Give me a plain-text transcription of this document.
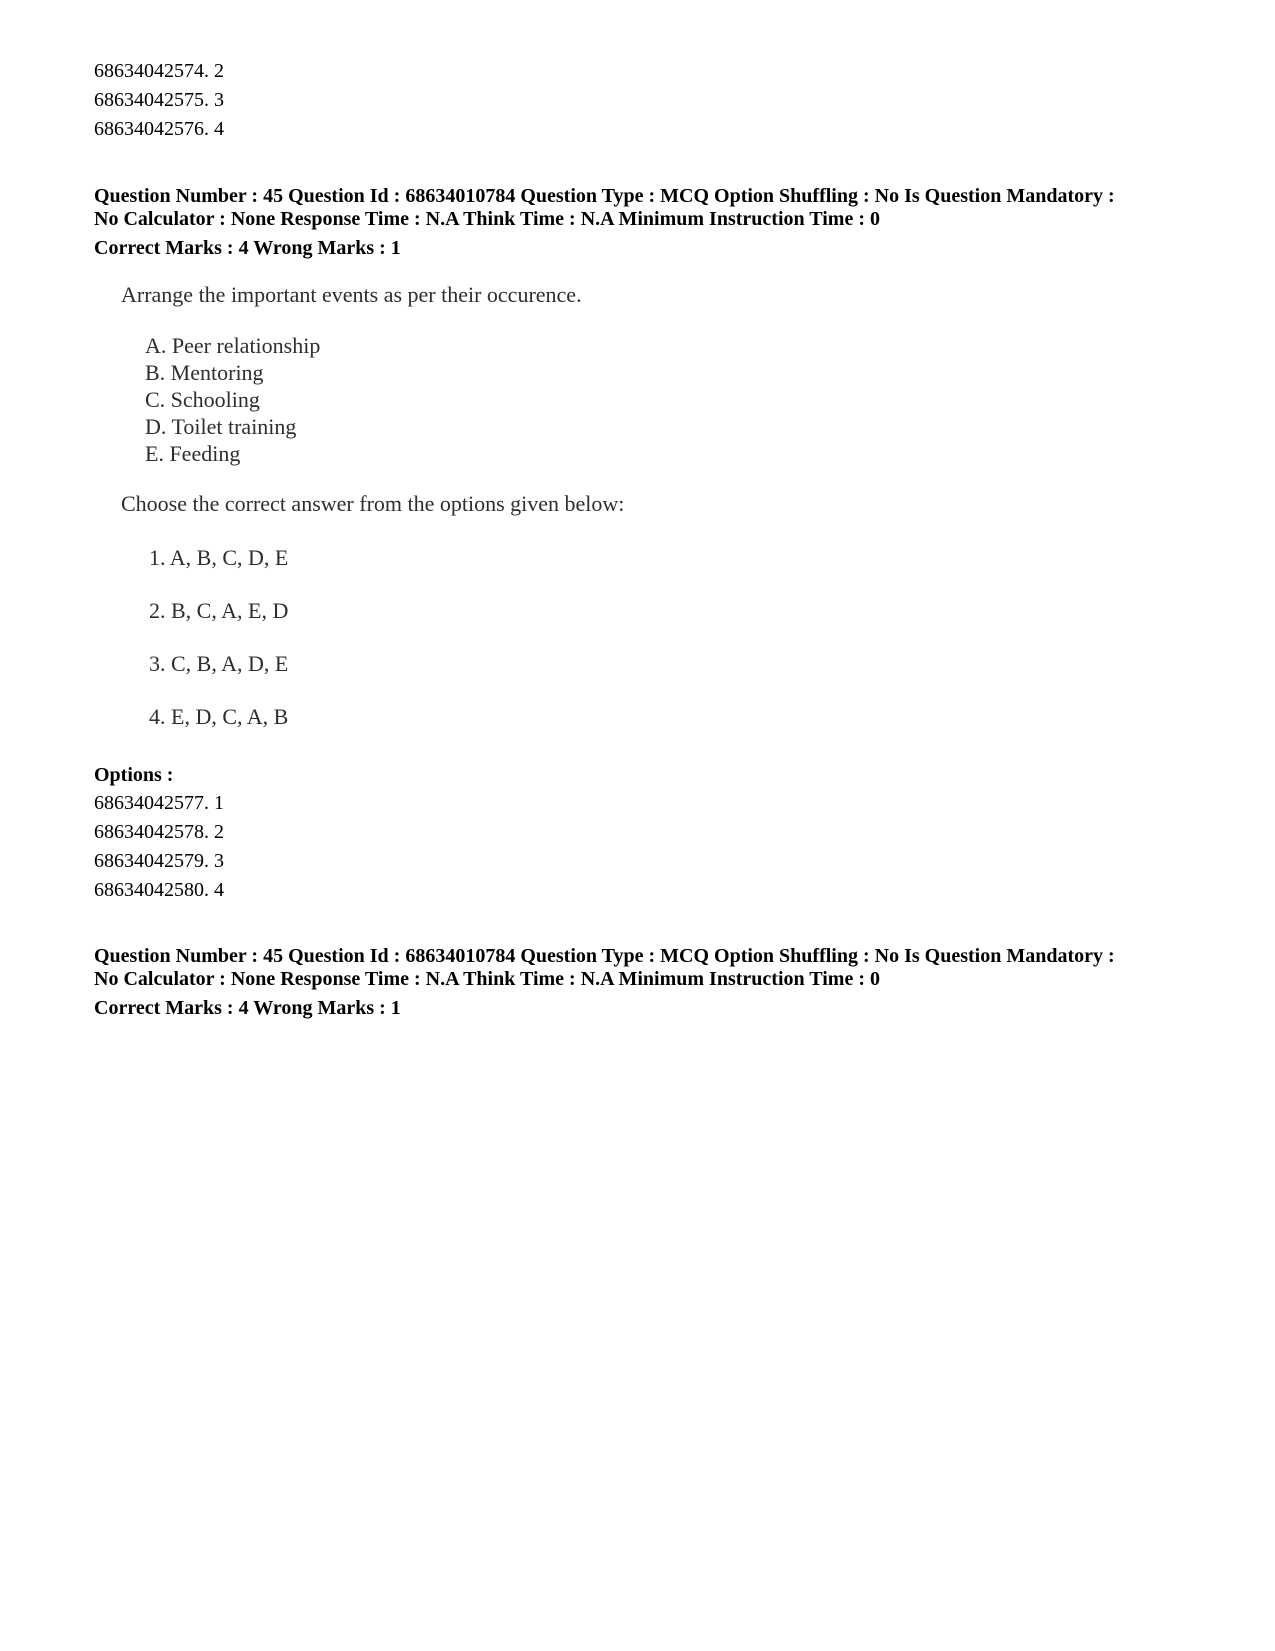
68634042574. 2
68634042575. 3
68634042576. 4
Question Number : 45 Question Id : 68634010784 Question Type : MCQ Option Shuffling : No Is Question Mandatory :
No Calculator : None Response Time : N.A Think Time : N.A Minimum Instruction Time : 0
Correct Marks : 4 Wrong Marks : 1
Arrange the important events as per their occurence.
A. Peer relationship
B. Mentoring
C. Schooling
D. Toilet training
E. Feeding
Choose the correct answer from the options given below:
1. A, B, C, D, E
2. B, C, A, E, D
3. C, B, A, D, E
4. E, D, C, A, B
Options :
68634042577. 1
68634042578. 2
68634042579. 3
68634042580. 4
Question Number : 45 Question Id : 68634010784 Question Type : MCQ Option Shuffling : No Is Question Mandatory :
No Calculator : None Response Time : N.A Think Time : N.A Minimum Instruction Time : 0
Correct Marks : 4 Wrong Marks : 1
